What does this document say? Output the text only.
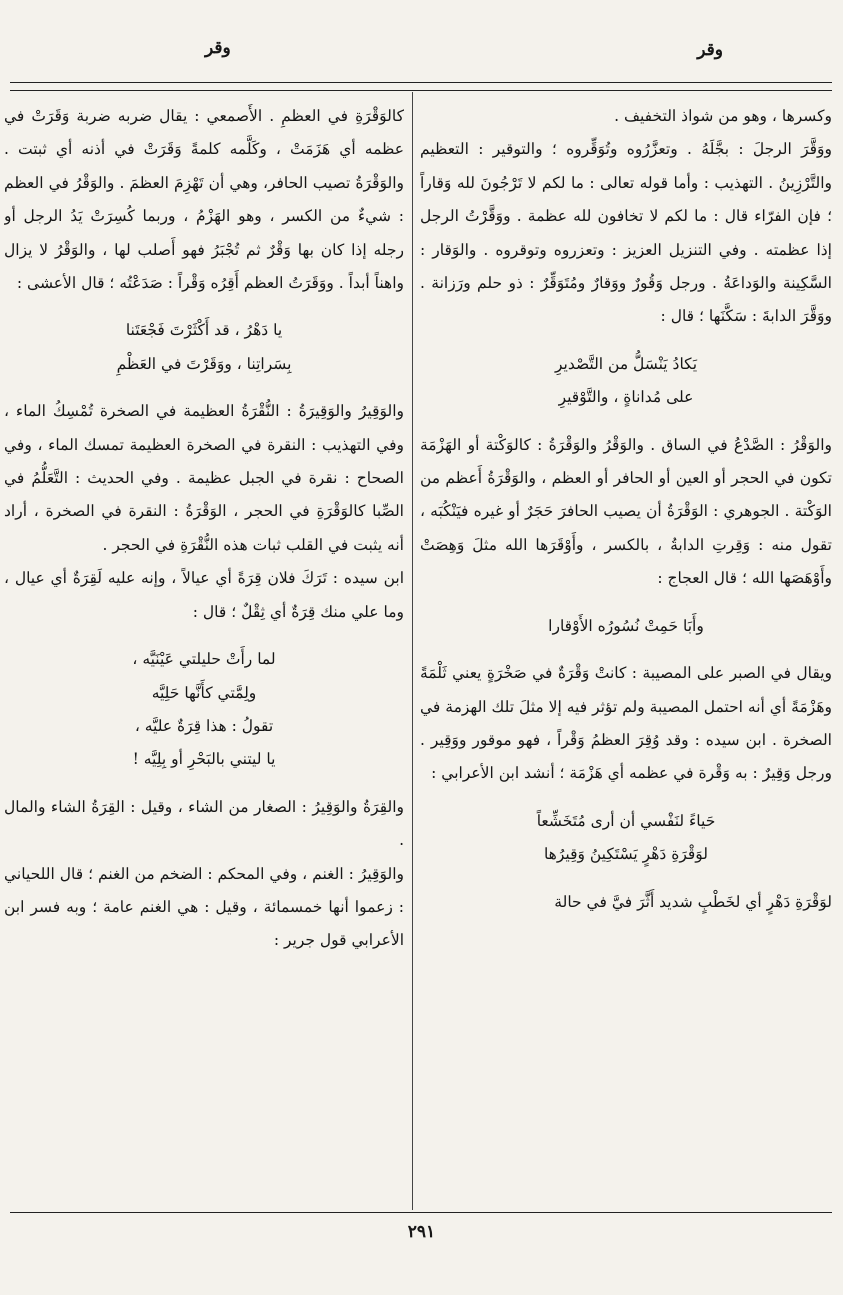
وقر
وقر

وكسرها ، وهو من شواذ التخفيف .

ووَقَّرَ الرجلَ : بجَّلَهُ . وتعزَّرُوه وتُوَقِّروه ؛ والتوقير : التعظيم والتَّرْزِينُ . التهذيب : وأما قوله تعالى : ما لكم لا تَرْجُونَ لله وَقاراً ؛ فإن الفرّاء قال : ما لكم لا تخافون لله عظمة . ووَقَّرْتُ الرجل إذا عظمته . وفي التنزيل العزيز : وتعزروه وتوقروه . والوَقار : السَّكِينة والوَداعَةُ . ورجل وَقُورٌ ووَقارٌ ومُتَوَقِّرٌ : ذو حلم ورَزانة . ووَقَّرَ الدابةَ : سَكَّنَها ؛ قال :

يَكادُ يَنْسَلُّ من التَّصْديرِ

على مُداناةٍ ، والتَّوْقيرِ

والوَقْرُ : الصَّدْعُ في الساق . والوَقْرُ والوَقْرَةُ : كالوَكْتة أو الهَزْمَة تكون في الحجر أو العين أو الحافر أو العظم ، والوَقْرَةُ أَعظم من الوَكْتة . الجوهري : الوَقْرَةُ أن يصيب الحافرَ حَجَرٌ أو غيره فيَنْكُبَه ، تقول منه : وَقِرتِ الدابةُ ، بالكسر ، وأَوْقَرَها الله مثلَ وَهِصَتْ وأَوْهَصَها الله ؛ قال العجاج :

وأَبَا حَمِتْ نُسُورُه الأَوْقارا

ويقال في الصبر على المصيبة : كانتْ وَقْرَةٌ في صَخْرَةٍ يعني ثَلْمَةً وهَزْمَةً أي أنه احتمل المصيبة ولم تؤثر فيه إلا مثلَ تلك الهزمة في الصخرة . ابن سيده : وقد وُقِرَ العظمُ وَقْراً ، فهو موقور ووَقِير . ورجل وَقِيرٌ : به وَقْرة في عظمه أي هَزْمَة ؛ أنشد ابن الأعرابي :

حَياءً لنَفْسي أن أرى مُتَخَشِّعاً

لوَقْرَةِ دَهْرٍ يَسْتَكِينُ وَقِيرُها

لوَقْرَةِ دَهْرٍ أي لخَطْبٍ شديد أَثَّرَ فيَّ في حالة

كالوَقْرَةِ في العظمِ . الأَصمعي : يقال ضربه ضربة وَقَرَتْ في عظمه أي هَزَمَتْ ، وكَلَّمه كلمةً وَقَرَتْ في أذنه أي ثبتت . والوَقْرَةُ تصيب الحافر، وهي أن تَهْزِمَ العظمَ . والوَقْرُ في العظم : شيءٌ من الكسر ، وهو الهَزْمُ ، وربما كُسِرَتْ يَدُ الرجل أو رجله إذا كان بها وَقْرٌ ثم تُجْبَرُ فهو أَصلب لها ، والوَقْرُ لا يزال واهناً أبداً . ووَقَرَتُ العظم أَقِرُه وَقْراً : صَدَعْتُه ؛ قال الأعشى :

يا دَهْرُ ، قد أَكْثَرْتَ فَجْعَتَنا

بِسَراتِنا ، ووَقَرْتَ في العَظْمِ

والوَقِيرُ والوَقِيرَةُ : النُّقْرَةُ العظيمة في الصخرة تُمْسِكُ الماء ، وفي التهذيب : النقرة في الصخرة العظيمة تمسك الماء ، وفي الصحاح : نقرة في الجبل عظيمة . وفي الحديث : التَّعَلُّمُ في الصِّبا كالوَقْرَةِ في الحجر ، الوَقْرَةُ : النقرة في الصخرة ، أراد أنه يثبت في القلب ثبات هذه النُّقْرَةِ في الحجر .

ابن سيده : تَرَكَ فلان قِرَةً أي عيالاً ، وإنه عليه لَقِرَةٌ أي عيال ، وما علي منك قِرَةٌ أي ثِقْلٌ ؛ قال :

لما رأَتْ حليلتي عَيْنَيَّه ،

ولِمَّتي كأَنَّها حَلِيَّه

تقولُ : هذا قِرَةٌ عليَّه ،

يا ليتني بالبَحْرِ أو بِلِيَّه !

والقِرَةُ والوَقِيرُ : الصغار من الشاء ، وقيل : القِرَةُ الشاء والمال .

والوَقِيرُ : الغنم ، وفي المحكم : الضخم من الغنم ؛ قال اللحياني : زعموا أنها خمسمائة ، وقيل : هي الغنم عامة ؛ وبه فسر ابن الأعرابي قول جرير :

٢٩١
